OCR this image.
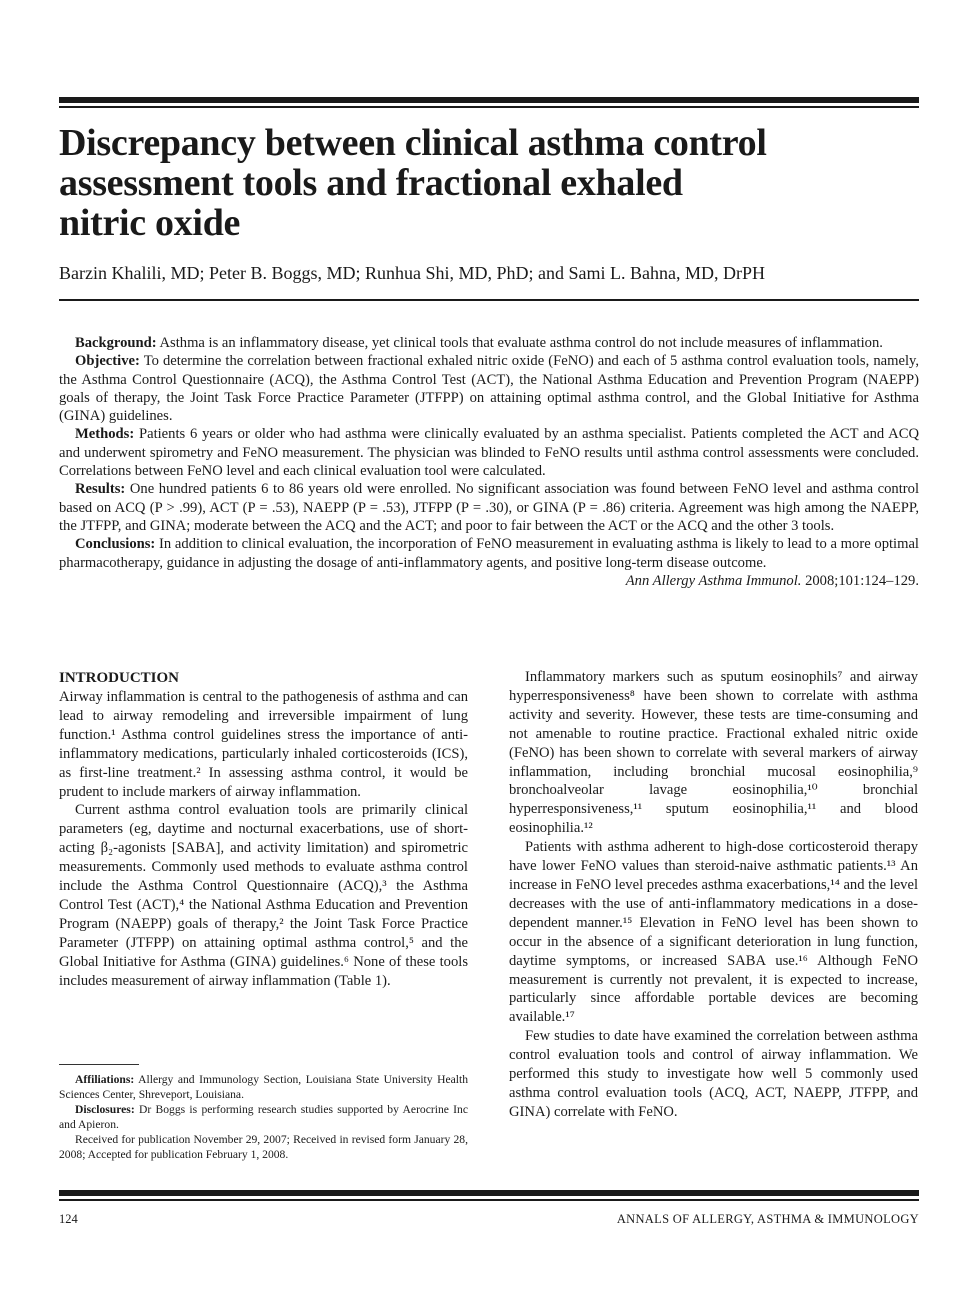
Discrepancy between clinical asthma control
assessment tools and fractional exhaled
nitric oxide
Barzin Khalili, MD; Peter B. Boggs, MD; Runhua Shi, MD, PhD; and Sami L. Bahna, MD, DrPH

Background: Asthma is an inflammatory disease, yet clinical tools that evaluate asthma control do not include measures of inflammation.

Objective: To determine the correlation between fractional exhaled nitric oxide (FeNO) and each of 5 asthma control evaluation tools, namely, the Asthma Control Questionnaire (ACQ), the Asthma Control Test (ACT), the National Asthma Education and Prevention Program (NAEPP) goals of therapy, the Joint Task Force Practice Parameter (JTFPP) on attaining optimal asthma control, and the Global Initiative for Asthma (GINA) guidelines.

Methods: Patients 6 years or older who had asthma were clinically evaluated by an asthma specialist. Patients completed the ACT and ACQ and underwent spirometry and FeNO measurement. The physician was blinded to FeNO results until asthma control assessments were concluded. Correlations between FeNO level and each clinical evaluation tool were calculated.

Results: One hundred patients 6 to 86 years old were enrolled. No significant association was found between FeNO level and asthma control based on ACQ (P > .99), ACT (P = .53), NAEPP (P = .53), JTFPP (P = .30), or GINA (P = .86) criteria. Agreement was high among the NAEPP, the JTFPP, and GINA; moderate between the ACQ and the ACT; and poor to fair between the ACT or the ACQ and the other 3 tools.

Conclusions: In addition to clinical evaluation, the incorporation of FeNO measurement in evaluating asthma is likely to lead to a more optimal pharmacotherapy, guidance in adjusting the dosage of anti-inflammatory agents, and positive long-term disease outcome.

Ann Allergy Asthma Immunol. 2008;101:124–129.

INTRODUCTION

Airway inflammation is central to the pathogenesis of asthma and can lead to airway remodeling and irreversible impairment of lung function.¹ Asthma control guidelines stress the importance of anti-inflammatory medications, particularly inhaled corticosteroids (ICS), as first-line treatment.² In assessing asthma control, it would be prudent to include markers of airway inflammation.

Current asthma control evaluation tools are primarily clinical parameters (eg, daytime and nocturnal exacerbations, use of short-acting β₂-agonists [SABA], and activity limitation) and spirometric measurements. Commonly used methods to evaluate asthma control include the Asthma Control Questionnaire (ACQ),³ the Asthma Control Test (ACT),⁴ the National Asthma Education and Prevention Program (NAEPP) goals of therapy,² the Joint Task Force Practice Parameter (JTFPP) on attaining optimal asthma control,⁵ and the Global Initiative for Asthma (GINA) guidelines.⁶ None of these tools includes measurement of airway inflammation (Table 1).

Affiliations: Allergy and Immunology Section, Louisiana State University Health Sciences Center, Shreveport, Louisiana.

Disclosures: Dr Boggs is performing research studies supported by Aerocrine Inc and Apieron.

Received for publication November 29, 2007; Received in revised form January 28, 2008; Accepted for publication February 1, 2008.

Inflammatory markers such as sputum eosinophils⁷ and airway hyperresponsiveness⁸ have been shown to correlate with asthma activity and severity. However, these tests are time-consuming and not amenable to routine practice. Fractional exhaled nitric oxide (FeNO) has been shown to correlate with several markers of airway inflammation, including bronchial mucosal eosinophilia,⁹ bronchoalveolar lavage eosinophilia,¹⁰ bronchial hyperresponsiveness,¹¹ sputum eosinophilia,¹¹ and blood eosinophilia.¹²

Patients with asthma adherent to high-dose corticosteroid therapy have lower FeNO values than steroid-naive asthmatic patients.¹³ An increase in FeNO level precedes asthma exacerbations,¹⁴ and the level decreases with the use of anti-inflammatory medications in a dose-dependent manner.¹⁵ Elevation in FeNO level has been shown to occur in the absence of a significant deterioration in lung function, daytime symptoms, or increased SABA use.¹⁶ Although FeNO measurement is currently not prevalent, it is expected to increase, particularly since affordable portable devices are becoming available.¹⁷

Few studies to date have examined the correlation between asthma control evaluation tools and control of airway inflammation. We performed this study to investigate how well 5 commonly used asthma control evaluation tools (ACQ, ACT, NAEPP, JTFPP, and GINA) correlate with FeNO.

124	ANNALS OF ALLERGY, ASTHMA & IMMUNOLOGY
